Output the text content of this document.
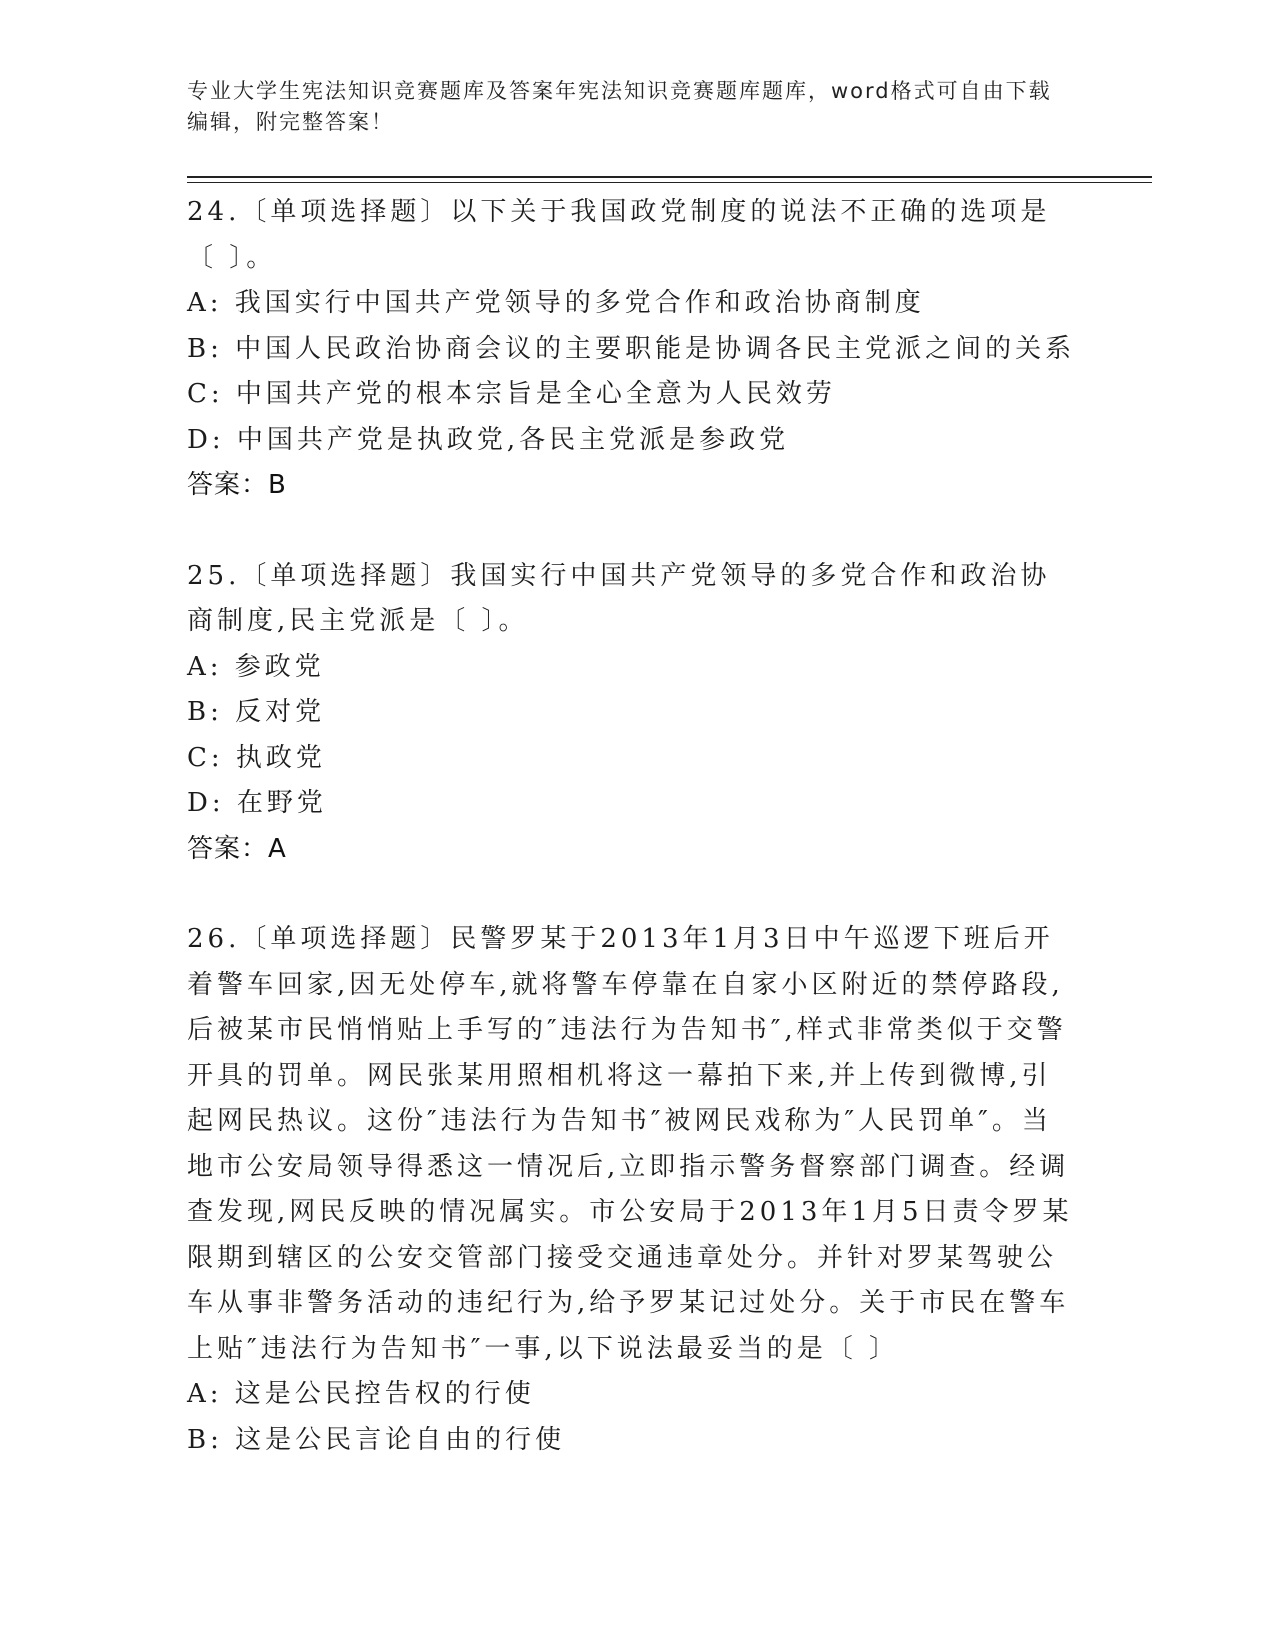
专业大学生宪法知识竞赛题库及答案年宪法知识竞赛题库题库，word格式可自由下载编辑，附完整答案！

24.〔单项选择题〕以下关于我国政党制度的说法不正确的选项是〔 〕。

A: 我国实行中国共产党领导的多党合作和政治协商制度

B: 中国人民政治协商会议的主要职能是协调各民主党派之间的关系

C: 中国共产党的根本宗旨是全心全意为人民效劳

D: 中国共产党是执政党,各民主党派是参政党

答案：B

25.〔单项选择题〕我国实行中国共产党领导的多党合作和政治协商制度,民主党派是〔 〕。

A: 参政党

B: 反对党

C: 执政党

D: 在野党

答案：A

26.〔单项选择题〕民警罗某于2013年1月3日中午巡逻下班后开着警车回家,因无处停车,就将警车停靠在自家小区附近的禁停路段,后被某市民悄悄贴上手写的″违法行为告知书″,样式非常类似于交警开具的罚单。网民张某用照相机将这一幕拍下来,并上传到微博,引起网民热议。这份″违法行为告知书″被网民戏称为″人民罚单″。当地市公安局领导得悉这一情况后,立即指示警务督察部门调查。经调查发现,网民反映的情况属实。市公安局于2013年1月5日责令罗某限期到辖区的公安交管部门接受交通违章处分。并针对罗某驾驶公车从事非警务活动的违纪行为,给予罗某记过处分。关于市民在警车上贴″违法行为告知书″一事,以下说法最妥当的是〔 〕

A: 这是公民控告权的行使

B: 这是公民言论自由的行使
